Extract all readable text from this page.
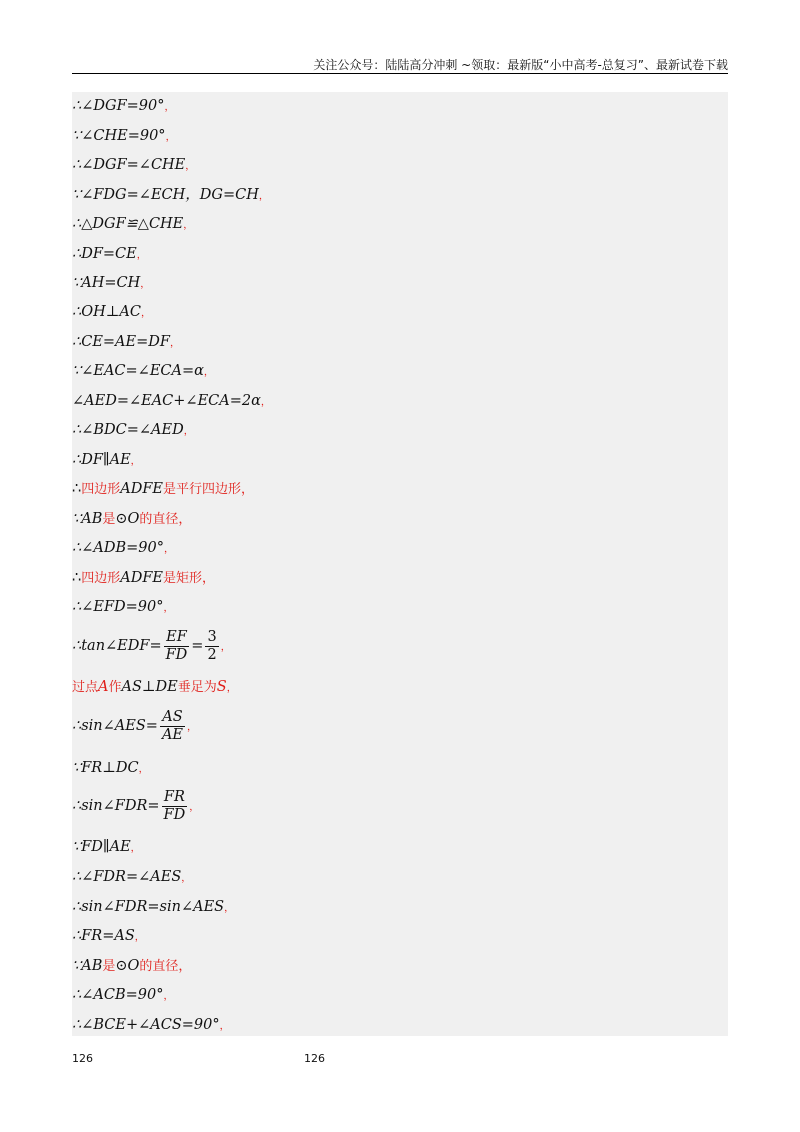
关注公众号：陆陆高分冲刺 ~领取：最新版“小中高考-总复习”、最新试卷下载
∴∠DGF=90°，
∵∠CHE=90°，
∴∠DGF=∠CHE，
∵∠FDG=∠ECH，DG=CH，
∴△DGF≌△CHE，
∴DF=CE，
∵AH=CH，
∴OH⊥AC，
∴CE=AE=DF，
∵∠EAC=∠ECA=α，
∠AED=∠EAC+∠ECA=2α，
∴∠BDC=∠AED，
∴DF∥AE，
∴四边形ADFE是平行四边形，
∵AB是⊙O的直径，
∴∠ADB=90°，
∴四边形ADFE是矩形，
∴∠EFD=90°，
∴tan∠EDF= $\frac{EF}{FD} = \frac{3}{2}$ ，
过点A作AS⊥DE垂足为S，
∴sin∠AES= $\frac{AS}{AE}$ ，
∵FR⊥DC，
∴sin∠FDR= $\frac{FR}{FD}$ ，
∵FD∥AE，
∴∠FDR=∠AES，
∴sin∠FDR=sin∠AES，
∴FR=AS，
∵AB是⊙O的直径，
∴∠ACB=90°，
∴∠BCE+∠ACS=90°，
126	126
